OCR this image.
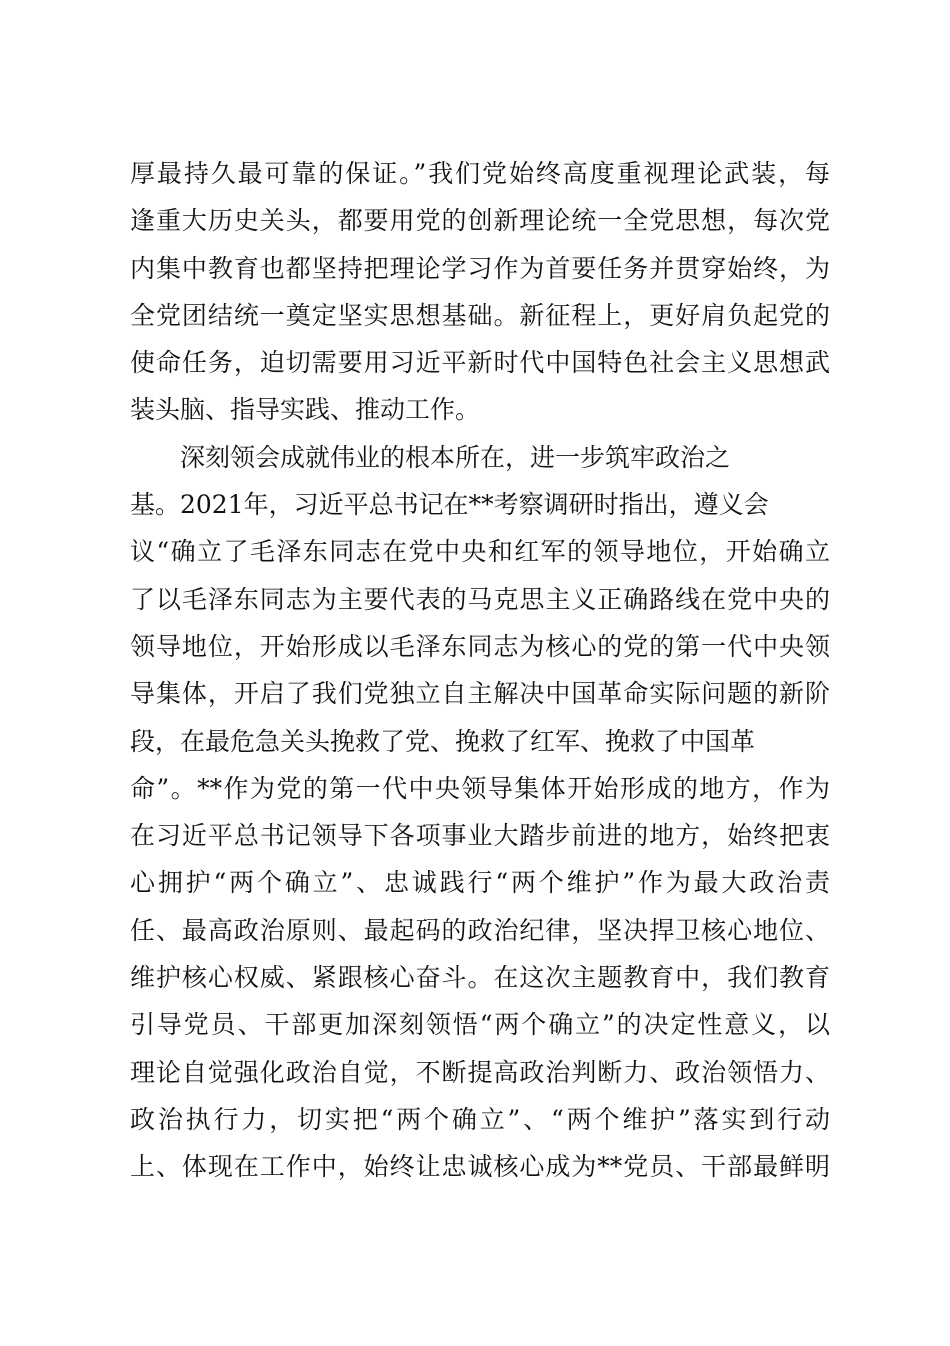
厚最持久最可靠的保证。”我们党始终高度重视理论武装，每
逢重大历史关头，都要用党的创新理论统一全党思想，每次党
内集中教育也都坚持把理论学习作为首要任务并贯穿始终，为
全党团结统一奠定坚实思想基础。新征程上，更好肩负起党的
使命任务，迫切需要用习近平新时代中国特色社会主义思想武
装头脑、指导实践、推动工作。
深刻领会成就伟业的根本所在，进一步筑牢政治之
基。2021年，习近平总书记在**考察调研时指出，遵义会
议“确立了毛泽东同志在党中央和红军的领导地位，开始确立
了以毛泽东同志为主要代表的马克思主义正确路线在党中央的
领导地位，开始形成以毛泽东同志为核心的党的第一代中央领
导集体，开启了我们党独立自主解决中国革命实际问题的新阶
段，在最危急关头挽救了党、挽救了红军、挽救了中国革
命”。**作为党的第一代中央领导集体开始形成的地方，作为
在习近平总书记领导下各项事业大踏步前进的地方，始终把衷
心拥护“两个确立”、忠诚践行“两个维护”作为最大政治责
任、最高政治原则、最起码的政治纪律，坚决捍卫核心地位、
维护核心权威、紧跟核心奋斗。在这次主题教育中，我们教育
引导党员、干部更加深刻领悟“两个确立”的决定性意义，以
理论自觉强化政治自觉，不断提高政治判断力、政治领悟力、
政治执行力，切实把“两个确立”、“两个维护”落实到行动
上、体现在工作中，始终让忠诚核心成为**党员、干部最鲜明
